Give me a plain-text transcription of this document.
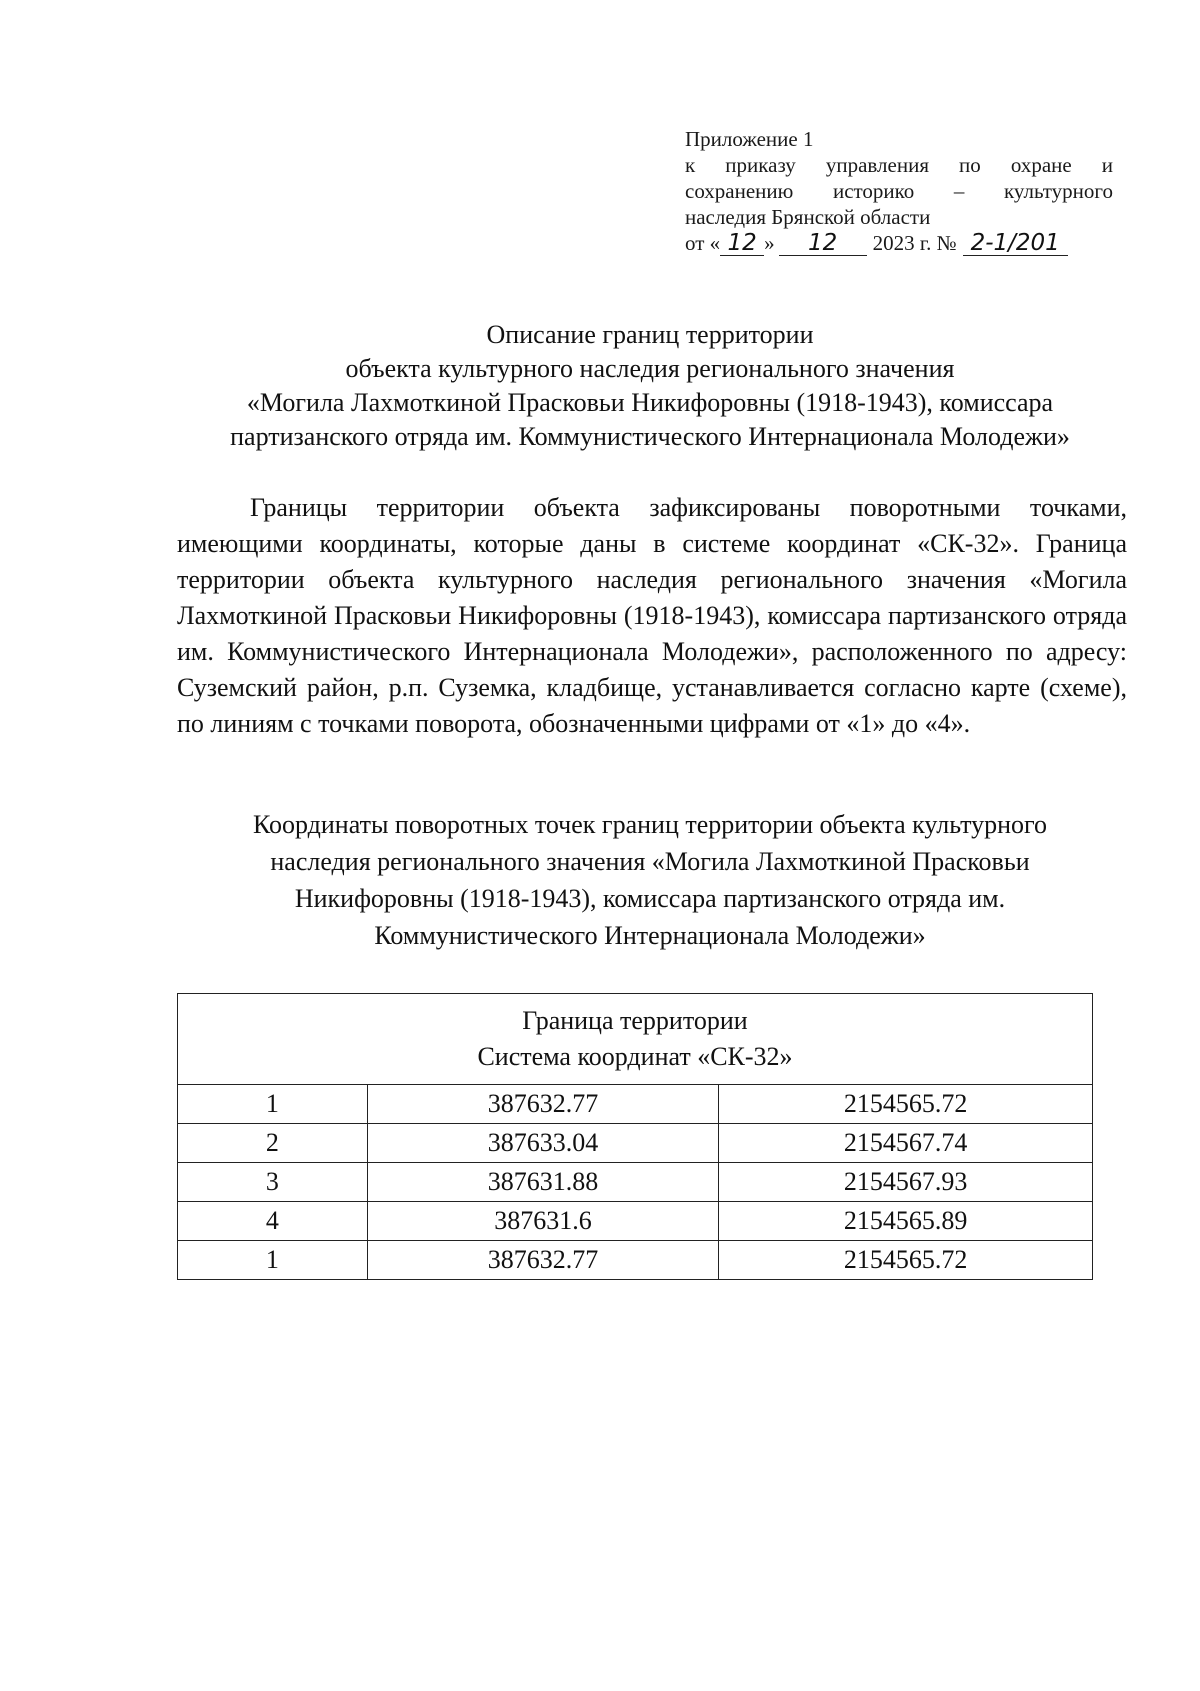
Приложение 1
к приказу управления по охране и
сохранению историко – культурного
наследия Брянской области
от « 12 »	12	2023 г. № 2-1/201
Описание границ территории
объекта культурного наследия регионального значения
«Могила Лахмоткиной Прасковьи Никифоровны (1918-1943), комиссара
партизанского отряда им. Коммунистического Интернационала Молодежи»

Границы территории объекта зафиксированы поворотными точками, имеющими координаты, которые даны в системе координат «СК-32». Граница территории объекта культурного наследия регионального значения «Могила Лахмоткиной Прасковьи Никифоровны (1918-1943), комиссара партизанского отряда им. Коммунистического Интернационала Молодежи», расположенного по адресу: Суземский район, р.п. Суземка, кладбище, устанавливается согласно карте (схеме), по линиям с точками поворота, обозначенными цифрами от «1» до «4».

Координаты поворотных точек границ территории объекта культурного
наследия регионального значения «Могила Лахмоткиной Прасковьи
Никифоровны (1918-1943), комиссара партизанского отряда им.
Коммунистического Интернационала Молодежи»
Граница территории
Система координат «СК-32»		

1	387632.77	2154565.72
2	387633.04	2154567.74
3	387631.88	2154567.93
4	387631.6	2154565.89
1	387632.77	2154565.72
